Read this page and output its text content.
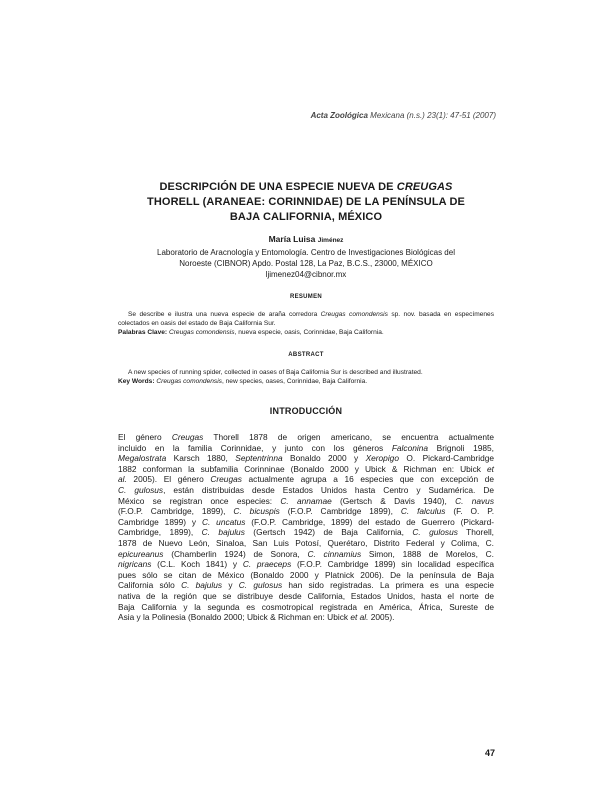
Acta Zoológica Mexicana (n.s.) 23(1): 47-51 (2007)
DESCRIPCIÓN DE UNA ESPECIE NUEVA DE CREUGAS
THORELL (ARANEAE: CORINNIDAE) DE LA PENÍNSULA DE
BAJA CALIFORNIA, MÉXICO
María Luisa Jiménez
Laboratorio de Aracnología y Entomología. Centro de Investigaciones Biológicas del
Noroeste (CIBNOR) Apdo. Postal 128, La Paz, B.C.S., 23000, MÉXICO
ljimenez04@cibnor.mx
RESUMEN
Se describe e ilustra una nueva especie de araña corredora Creugas comondensis sp. nov. basada en especímenes colectados en oasis del estado de Baja California Sur.
Palabras Clave: Creugas comondensis, nueva especie, oasis, Corinnidae, Baja California.
ABSTRACT
A new species of running spider, collected in oases of Baja California Sur is described and illustrated.
Key Words: Creugas comondensis, new species, oases, Corinnidae, Baja California.
INTRODUCCIÓN
El género Creugas Thorell 1878 de origen americano, se encuentra actualmente
incluido en la familia Corinnidae, y junto con los géneros Falconina Brignoli 1985,
Megalostrata Karsch 1880, Septentrinna Bonaldo 2000 y Xeropigo O. Pickard-Cambridge
1882 conforman la subfamilia Corinninae (Bonaldo 2000 y Ubick & Richman en: Ubick et
al. 2005). El género Creugas actualmente agrupa a 16 especies que con excepción de
C. gulosus, están distribuidas desde Estados Unidos hasta Centro y Sudamérica. De
México se registran once especies: C. annamae (Gertsch & Davis 1940), C. navus
(F.O.P. Cambridge, 1899), C. bicuspis (F.O.P. Cambridge 1899), C. falculus (F. O. P.
Cambridge 1899) y C. uncatus (F.O.P. Cambridge, 1899) del estado de Guerrero (Pickard-
Cambridge, 1899), C. bajulus (Gertsch 1942) de Baja California, C. gulosus Thorell,
1878 de Nuevo León, Sinaloa, San Luis Potosí, Querétaro, Distrito Federal y Colima, C.
epicureanus (Chamberlin 1924) de Sonora, C. cinnamius Simon, 1888 de Morelos, C.
nigricans (C.L. Koch 1841) y C. praeceps (F.O.P. Cambridge 1899) sin localidad específica
pues sólo se citan de México (Bonaldo 2000 y Platnick 2006). De la península de Baja
California sólo C. bajulus y C. gulosus han sido registradas. La primera es una especie
nativa de la región que se distribuye desde California, Estados Unidos, hasta el norte de
Baja California y la segunda es cosmotropical registrada en América, África, Sureste de
Asia y la Polinesia (Bonaldo 2000; Ubick & Richman en: Ubick et al. 2005).
47
